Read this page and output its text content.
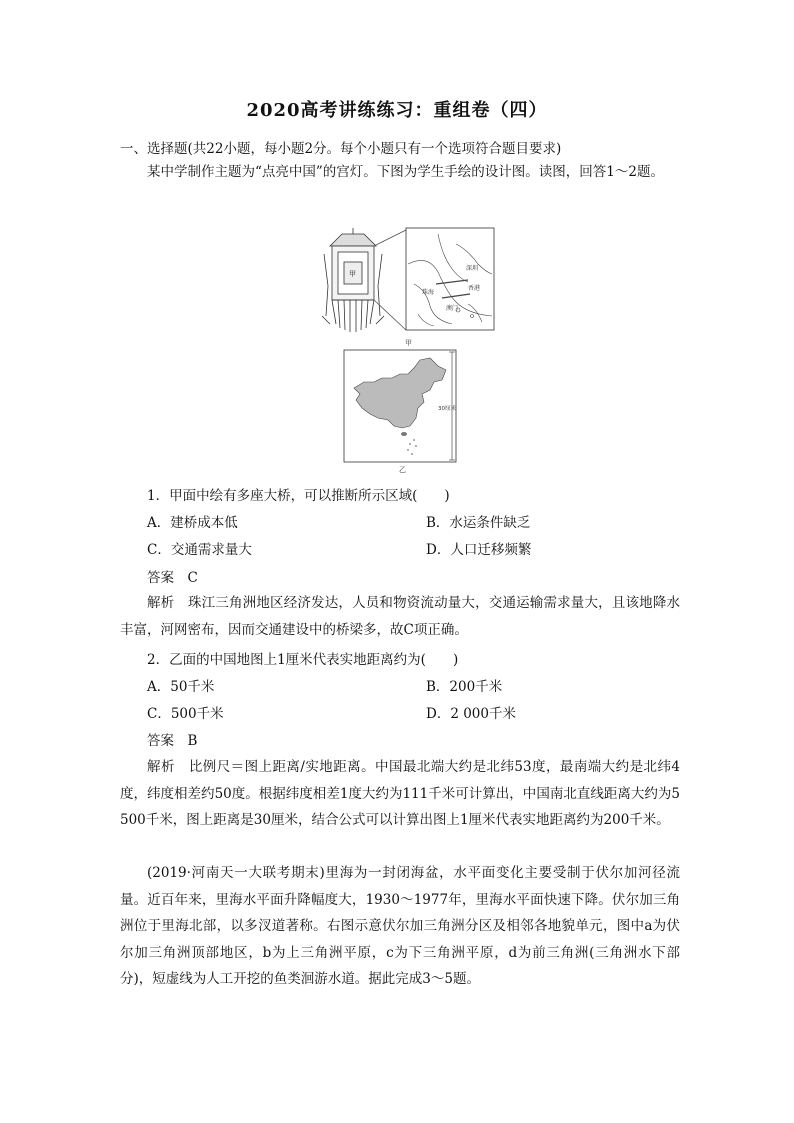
2020高考讲练练习：重组卷（四）
一、选择题(共22小题，每小题2分。每个小题只有一个选项符合题目要求)
某中学制作主题为“点亮中国”的宫灯。下图为学生手绘的设计图。读图，回答1～2题。
甲
深圳
珠海
香港
澳门
甲
30厘米
乙
1．甲面中绘有多座大桥，可以推断所示区域(　　)
A．建桥成本低	B．水运条件缺乏
C．交通需求量大	D．人口迁移频繁
答案　C
解析　珠江三角洲地区经济发达，人员和物资流动量大，交通运输需求量大，且该地降水丰富，河网密布，因而交通建设中的桥梁多，故C项正确。
2．乙面的中国地图上1厘米代表实地距离约为(　　)
A．50千米	B．200千米
C．500千米	D．2 000千米
答案　B
解析　比例尺＝图上距离/实地距离。中国最北端大约是北纬53度，最南端大约是北纬4度，纬度相差约50度。根据纬度相差1度大约为111千米可计算出，中国南北直线距离大约为5 500千米，图上距离是30厘米，结合公式可以计算出图上1厘米代表实地距离约为200千米。
(2019·河南天一大联考期末)里海为一封闭海盆，水平面变化主要受制于伏尔加河径流量。近百年来，里海水平面升降幅度大，1930～1977年，里海水平面快速下降。伏尔加三角洲位于里海北部，以多汊道著称。右图示意伏尔加三角洲分区及相邻各地貌单元，图中a为伏尔加三角洲顶部地区，b为上三角洲平原，c为下三角洲平原，d为前三角洲(三角洲水下部分)，短虚线为人工开挖的鱼类洄游水道。据此完成3～5题。
